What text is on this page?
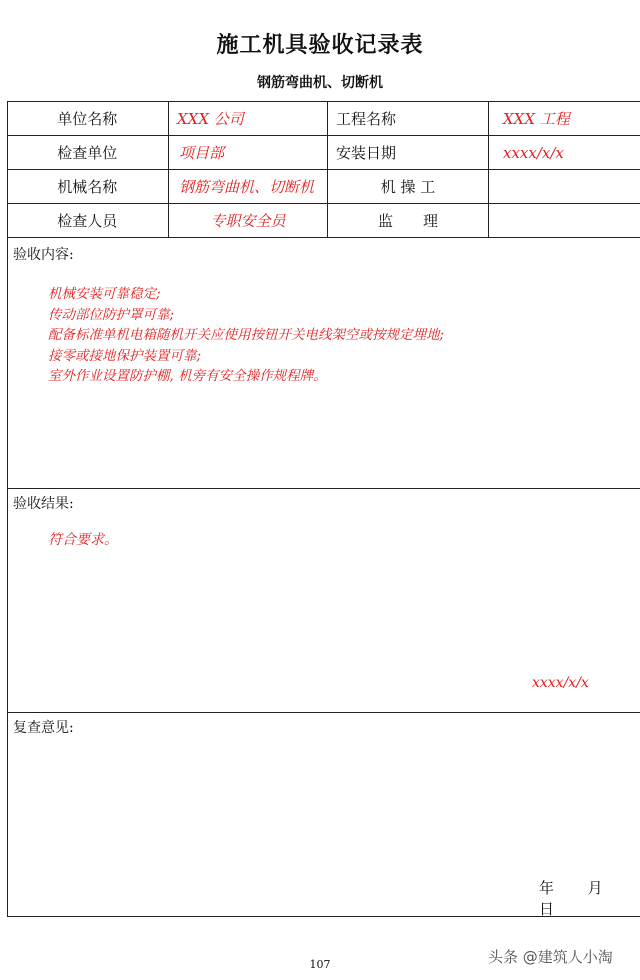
施工机具验收记录表
钢筋弯曲机、切断机
单位名称	XXX 公司	工程名称	XXX 工程
检查单位	项目部	安装日期	xxxx/x/x
机械名称	钢筋弯曲机、切断机	机 操 工	
检查人员	专职安全员	监　　理	
验收内容:
机械安装可靠稳定;
传动部位防护罩可靠;
配备标准单机电箱随机开关应使用按钮开关电线架空或按规定埋地;
接零或接地保护装置可靠;
室外作业设置防护棚, 机旁有安全操作规程牌。
验收结果:
符合要求。
xxxx/x/x
复查意见:
年 月  日
107	头条 @建筑人小淘
